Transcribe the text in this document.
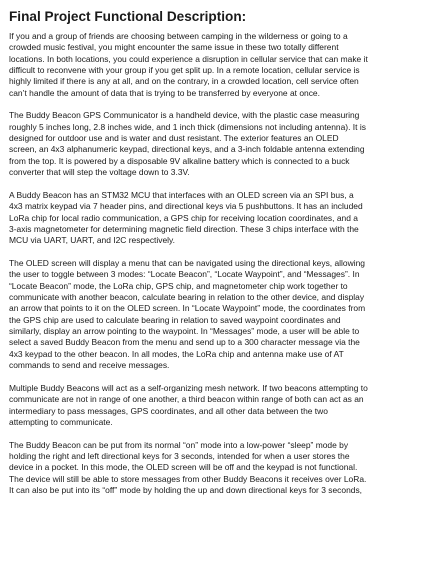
Final Project Functional Description:
If you and a group of friends are choosing between camping in the wilderness or going to a
crowded music festival, you might encounter the same issue in these two totally different
locations. In both locations, you could experience a disruption in cellular service that can make it
difficult to reconvene with your group if you get split up. In a remote location, cellular service is
highly limited if there is any at all, and on the contrary, in a crowded location, cell service often
can’t handle the amount of data that is trying to be transferred by everyone at once.
The Buddy Beacon GPS Communicator is a handheld device, with the plastic case measuring
roughly 5 inches long, 2.8 inches wide, and 1 inch thick (dimensions not including antenna). It is
designed for outdoor use and is water and dust resistant. The exterior features an OLED
screen, an 4x3 alphanumeric keypad, directional keys, and a 3-inch foldable antenna extending
from the top. It is powered by a disposable 9V alkaline battery which is connected to a buck
converter that will step the voltage down to 3.3V.
A Buddy Beacon has an STM32 MCU that interfaces with an OLED screen via an SPI bus, a
4x3 matrix keypad via 7 header pins, and directional keys via 5 pushbuttons. It has an included
LoRa chip for local radio communication, a GPS chip for receiving location coordinates, and a
3-axis magnetometer for determining magnetic field direction. These 3 chips interface with the
MCU via UART, UART, and I2C respectively.
The OLED screen will display a menu that can be navigated using the directional keys, allowing
the user to toggle between 3 modes: “Locate Beacon”, “Locate Waypoint”, and “Messages”. In
“Locate Beacon” mode, the LoRa chip, GPS chip, and magnetometer chip work together to
communicate with another beacon, calculate bearing in relation to the other device, and display
an arrow that points to it on the OLED screen. In “Locate Waypoint” mode, the coordinates from
the GPS chip are used to calculate bearing in relation to saved waypoint coordinates and
similarly, display an arrow pointing to the waypoint. In “Messages” mode, a user will be able to
select a saved Buddy Beacon from the menu and send up to a 300 character message via the
4x3 keypad to the other beacon. In all modes, the LoRa chip and antenna make use of AT
commands to send and receive messages.
Multiple Buddy Beacons will act as a self-organizing mesh network. If two beacons attempting to
communicate are not in range of one another, a third beacon within range of both can act as an
intermediary to pass messages, GPS coordinates, and all other data between the two
attempting to communicate.
The Buddy Beacon can be put from its normal “on” mode into a low-power “sleep” mode by
holding the right and left directional keys for 3 seconds, intended for when a user stores the
device in a pocket. In this mode, the OLED screen will be off and the keypad is not functional.
The device will still be able to store messages from other Buddy Beacons it receives over LoRa.
It can also be put into its “off” mode by holding the up and down directional keys for 3 seconds,
